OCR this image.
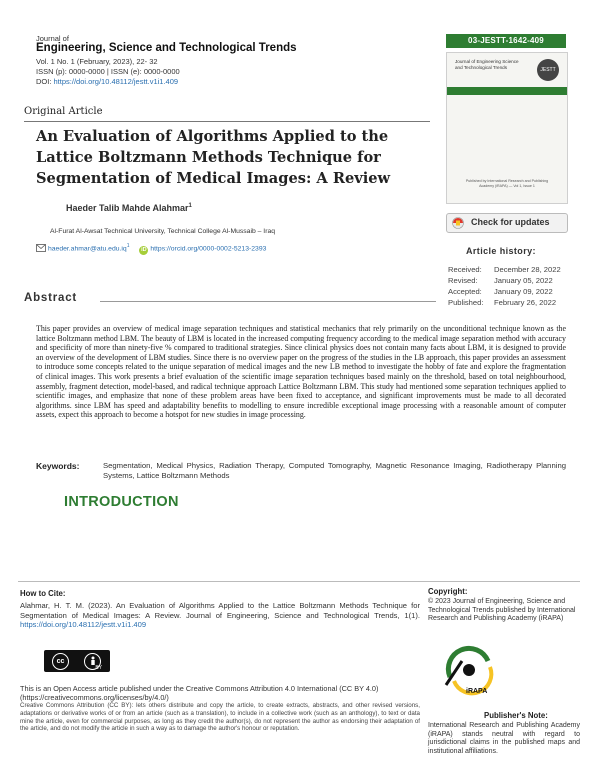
Journal of
Engineering, Science and Technological Trends
Vol. 1 No. 1 (February, 2023), 22- 32
ISSN (p): 0000-0000 | ISSN (e): 0000-0000
DOI: https://doi.org/10.48112/jestt.v1i1.409
03-JESTT-1642-409
Journal of Engineering Science and Technological Trends	JESTT
Published by International Research and Publishing Academy (iRAPA) — Vol 1, Issue 1
Check for updates
Original Article
An Evaluation of Algorithms Applied to the Lattice Boltzmann Methods Technique for Segmentation of Medical Images: A Review
Haeder Talib Mahde Alahmar$^1$
Al-Furat Al-Awsat Technical University, Technical College Al-Mussaib – Iraq
$haeder.ahmar@atu.edu.iq^1$ iD https://orcid.org/0000-0002-5213-2393	Article history:
Received: December 28, 2022
Revised: January 05, 2022
Accepted: January 09, 2022
Published: February 26, 2022
Abstract
This paper provides an overview of medical image separation techniques and statistical mechanics that rely primarily on the unconditional technique known as the lattice Boltzmann method LBM. The beauty of LBM is located in the increased computing frequency according to the medical image separation method with accuracy and specificity of more than ninety-five % compared to traditional strategies. Since clinical physics does not contain many facts about LBM, it is designed to provide an overview of the development of LBM studies. Since there is no overview paper on the progress of the studies in the LB approach, this paper provides an assessment to introduce some concepts related to the unique separation of medical images and the new LB method to investigate the hobby of fate and explore the fragmentation of clinical images. This work presents a brief evaluation of the scientific image separation techniques based mainly on the threshold, based on total neighbourhood, assembly, fragment detection, model-based, and radical technique approach Lattice Boltzmann LBM. This study had mentioned some separation techniques applied to scientific images, and emphasize that none of these problem areas have been fixed to acceptance, and significant improvements must be made to all decorated algorithms. since LBM has speed and adaptability benefits to modelling to ensure incredible exceptional image processing with a reasonable amount of computer assets, expect this approach to become a hotspot for new studies in image processing.
Keywords:	Segmentation, Medical Physics, Radiation Therapy, Computed Tomography, Magnetic Resonance Imaging, Radiotherapy Planning Systems, Lattice Boltzmann Methods
INTRODUCTION
How to Cite:
Alahmar, H. T. M. (2023). An Evaluation of Algorithms Applied to the Lattice Boltzmann Methods Technique for Segmentation of Medical Images: A Review. Journal of Engineering, Science and Technological Trends, 1(1). https://doi.org/10.48112/jestt.v1i1.409
cc
BY
This is an Open Access article published under the Creative Commons Attribution 4.0 International (CC BY 4.0) (https://creativecommons.org/licenses/by/4.0/)
Creative Commons Attribution (CC BY): lets others distribute and copy the article, to create extracts, abstracts, and other revised versions, adaptations or derivative works of or from an article (such as a translation), to include in a collective work (such as an anthology), to text or data mine the article, even for commercial purposes, as long as they credit the author(s), do not represent the author as endorsing their adaptation of the article, and do not modify the article in such a way as to damage the author's honour or reputation.
Copyright:
© 2023 Journal of Engineering, Science and Technological Trends published by International Research and Publishing Academy (iRAPA)
iRAPA
Publisher's Note:
International Research and Publishing Academy (iRAPA) stands neutral with regard to jurisdictional claims in the published maps and institutional affiliations.
